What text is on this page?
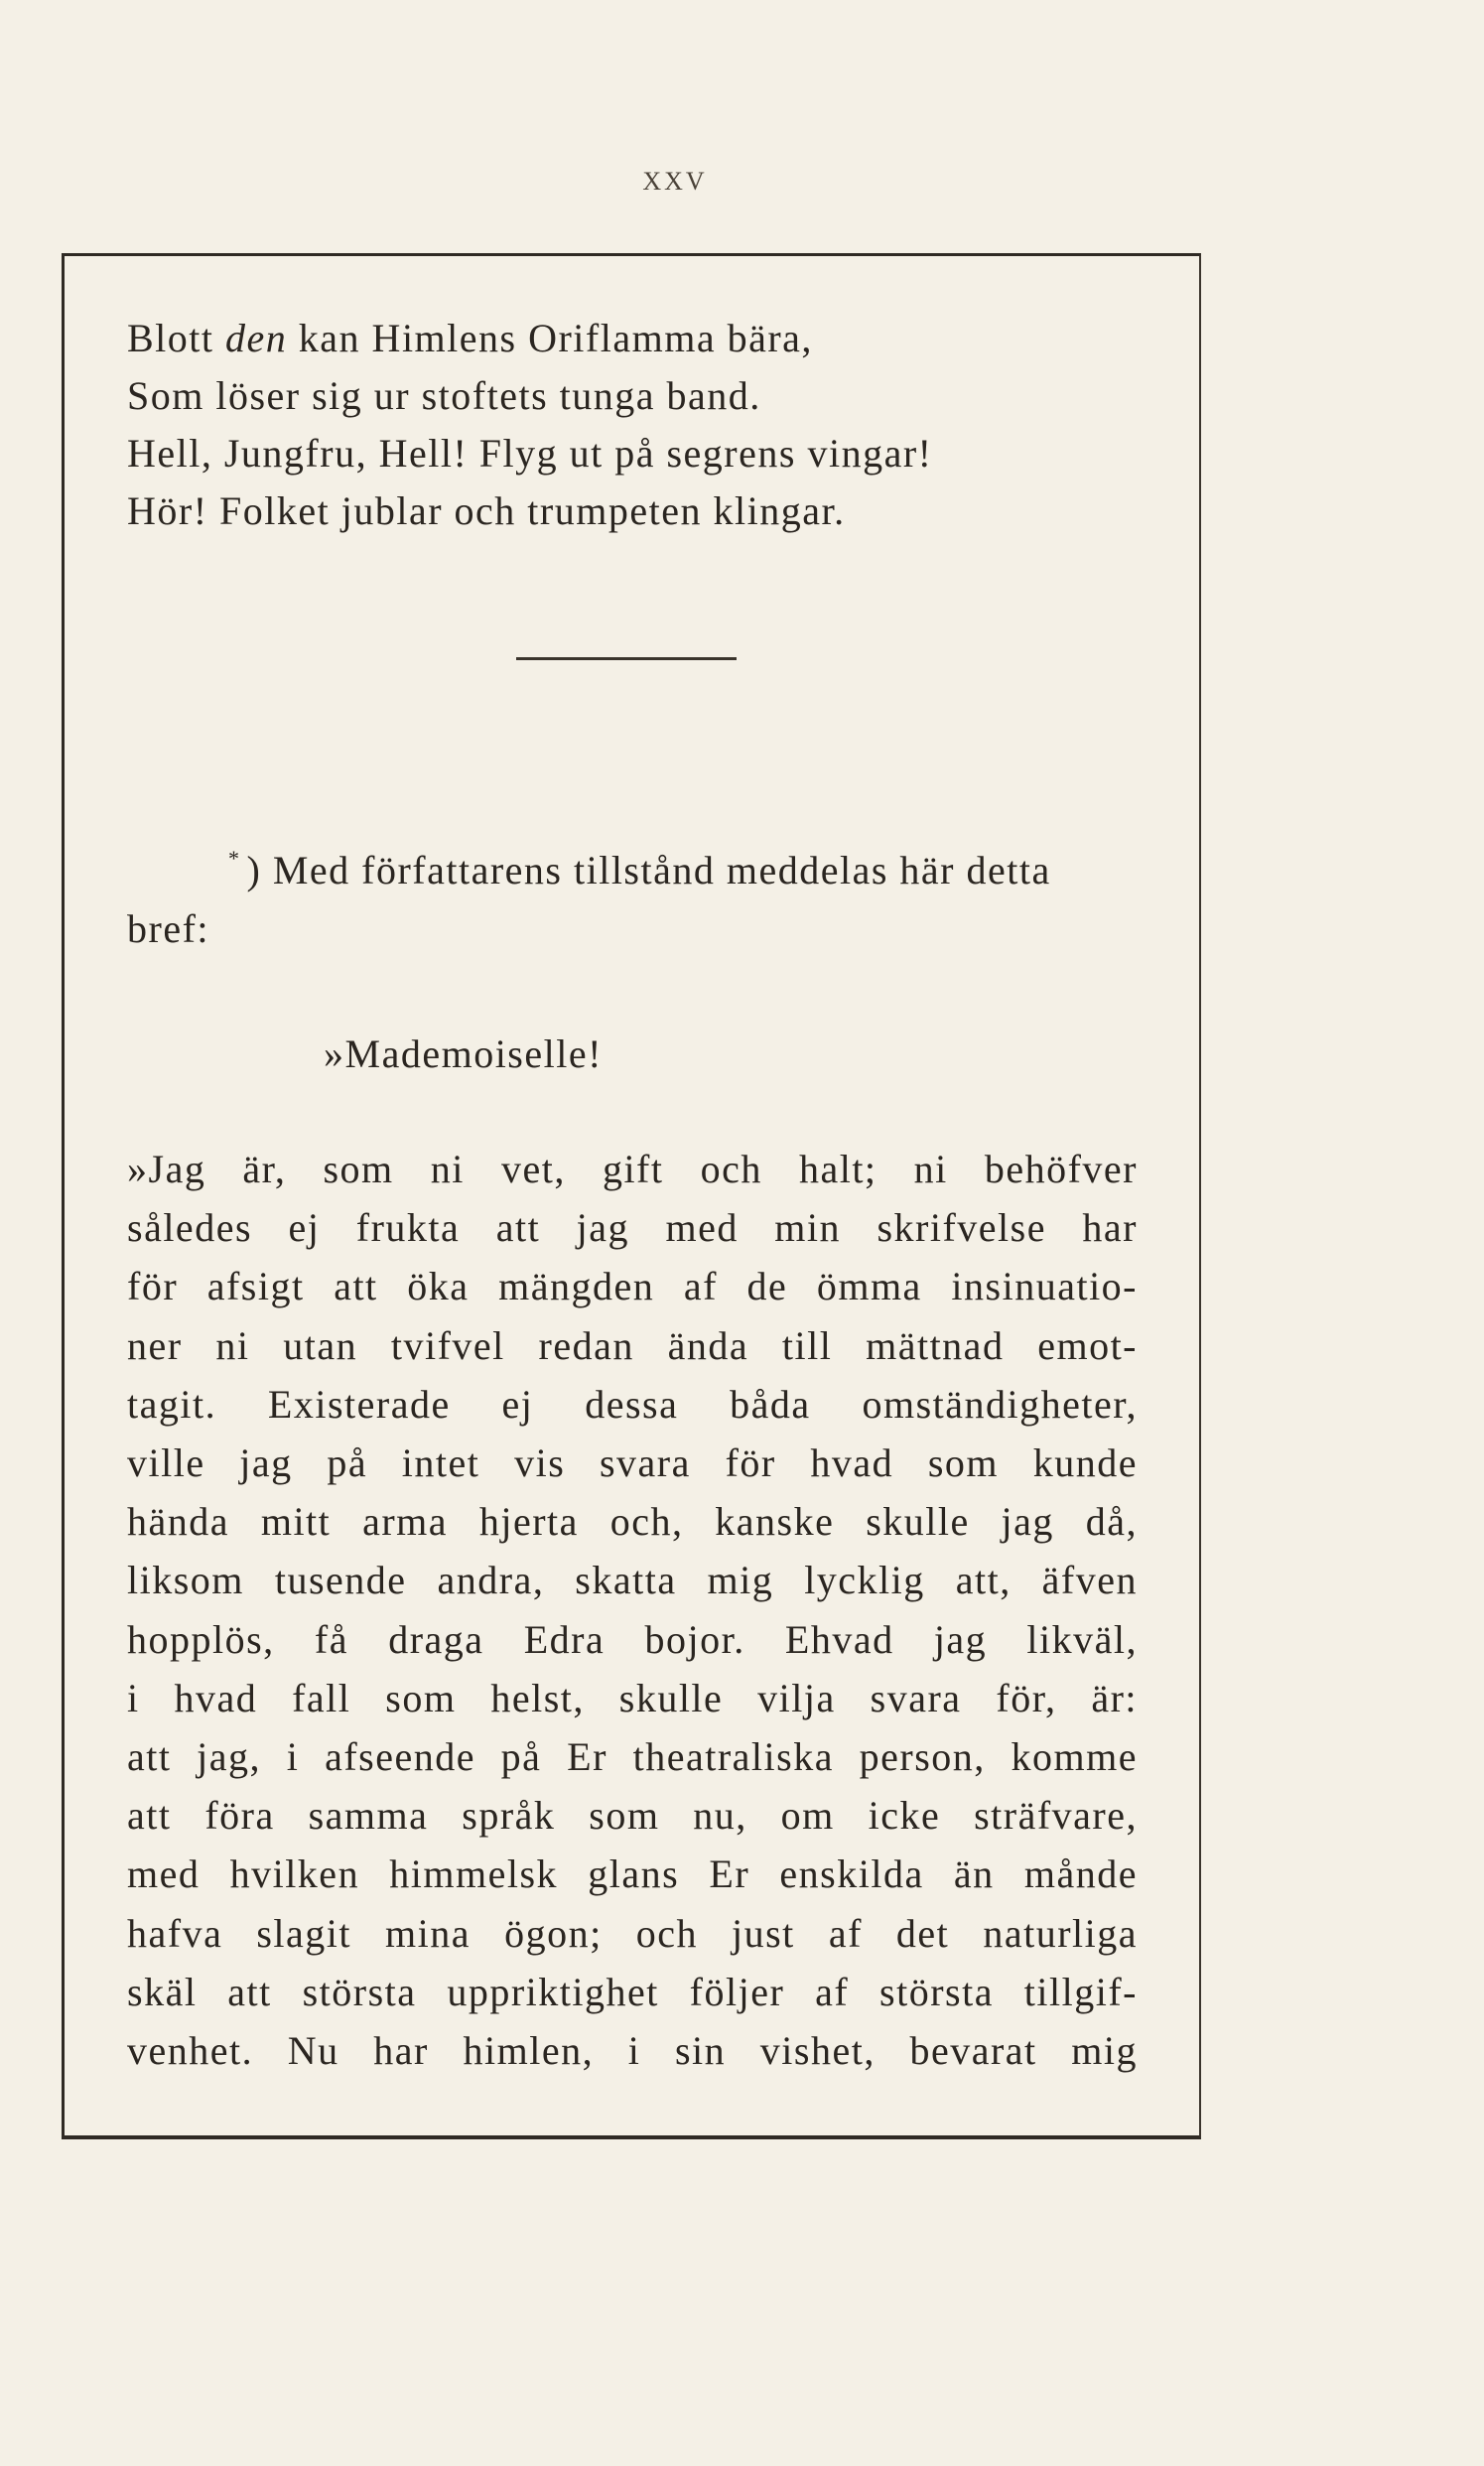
XXV
Blott den kan Himlens Oriflamma bära,
Som löser sig ur stoftets tunga band.
Hell, Jungfru, Hell! Flyg ut på segrens vingar!
Hör! Folket jublar och trumpeten klingar.
* ) Med författarens tillstånd meddelas här detta
bref:
»Mademoiselle!
»Jag är, som ni vet, gift och halt; ni behöfver
således ej frukta att jag med min skrifvelse har
för afsigt att öka mängden af de ömma insinuatio-
ner ni utan tvifvel redan ända till mättnad emot-
tagit. Existerade ej dessa båda omständigheter,
ville jag på intet vis svara för hvad som kunde
hända mitt arma hjerta och, kanske skulle jag då,
liksom tusende andra, skatta mig lycklig att, äfven
hopplös, få draga Edra bojor. Ehvad jag likväl,
i hvad fall som helst, skulle vilja svara för, är:
att jag, i afseende på Er theatraliska person, komme
att föra samma språk som nu, om icke sträfvare,
med hvilken himmelsk glans Er enskilda än månde
hafva slagit mina ögon; och just af det naturliga
skäl att största uppriktighet följer af största tillgif-
venhet. Nu har himlen, i sin vishet, bevarat mig
